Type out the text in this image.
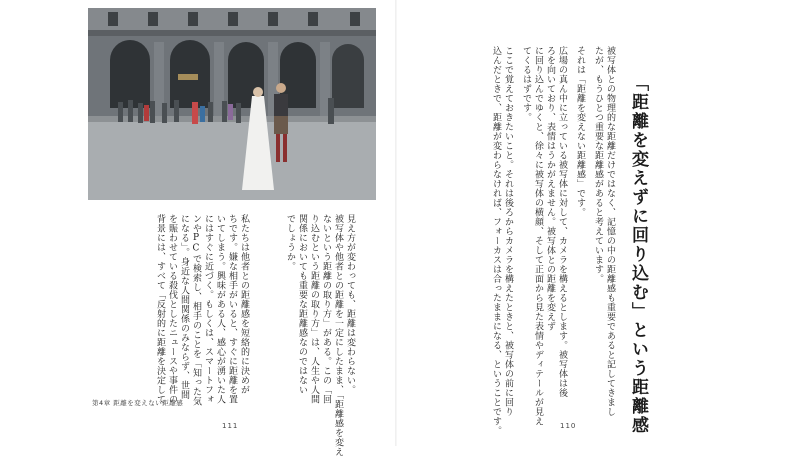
見え方が変わっても、距離は変わらない。
被写体や他者との距離を一定にしたまま、「距離感を変え
ないという距離の取り方」がある。この「回
り込むという距離の取り方」は、人生や人間
関係においても重要な距離感なのではない
でしょうか。
私たちは他者との距離感を短絡的に決めが
ちです。嫌な相手がいると、すぐに距離を置
いてしまう。興味がある人、感心が湧いた人
にはすぐに近づく。もしくは、スマートフォ
ンやPCで検索し、相手のことを「知った気
になる」。身近な人間関係のみならず、世間
を賑わせている殺伐としたニュースや事件の
背景には、すべて「反射的に距離を決定して
第4章 距離を変えない距離感
111	「距離を変えずに回り込む」という距離感
被写体との物理的な距離だけではなく、記憶の中の距離感も重要であると記してきまし
たが、もうひとつ重要な距離感があると考えています。
それは「距離を変えない距離感」です。
広場の真ん中に立っている被写体に対して、カメラを構えるとします。被写体は後
ろを向いており、表情はうかがえません。被写体との距離を変えず
に回り込んでゆくと、徐々に被写体の横顔、そして正面から見た表情やディテールが見え
てくるはずです。
ここで覚えておきたいこと。それは後ろからカメラを構えたときと、被写体の前に回り
込んだときで、距離が変わらなければ、フォーカスは合ったままになる、ということです。	110
